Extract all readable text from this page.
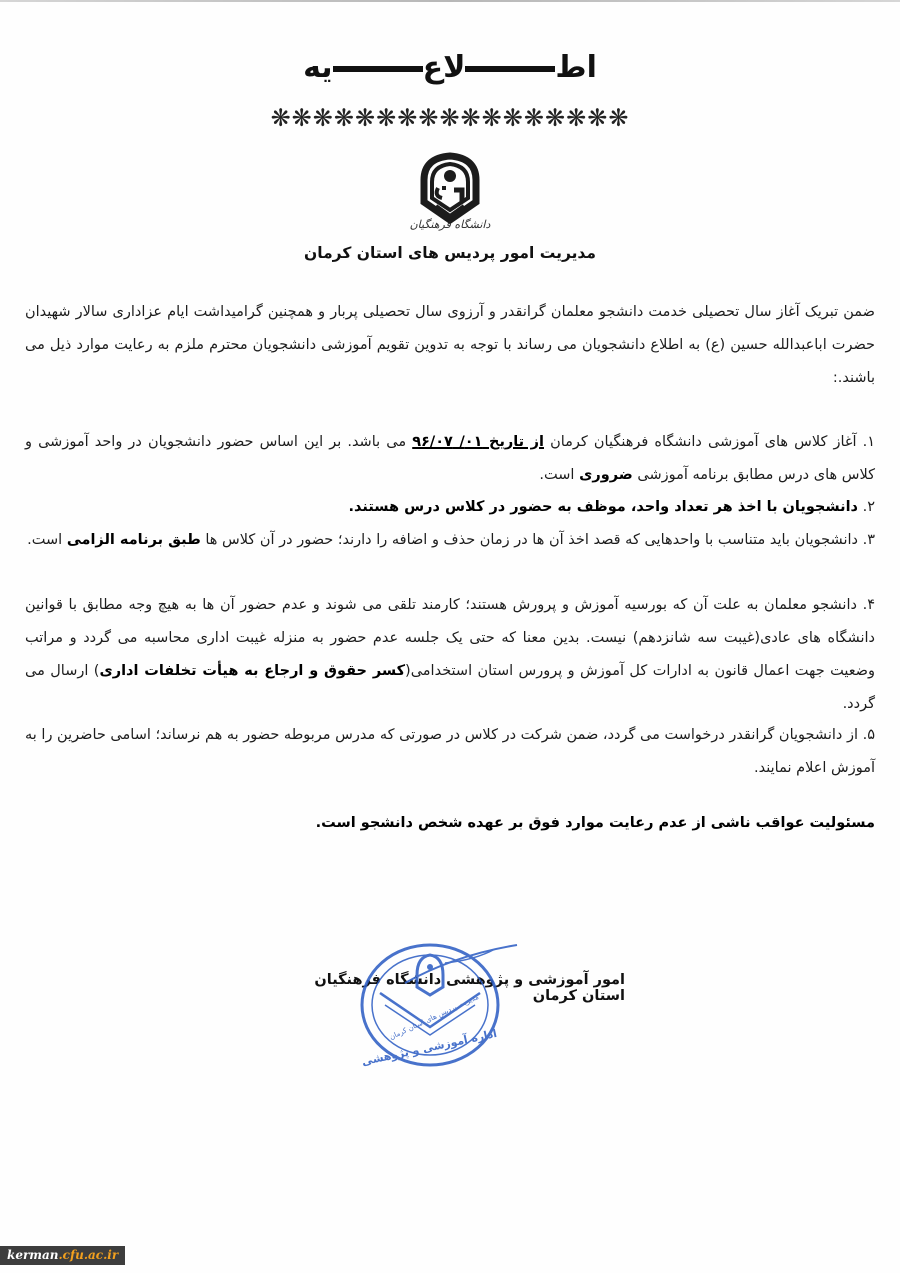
اطلاعیه
❋❋❋❋❋❋❋❋❋❋❋❋❋❋❋❋❋
دانشگاه فرهنگیان
مدیریت امور پردیس های استان کرمان
ضمن تبریک آغاز سال تحصیلی خدمت دانشجو معلمان گرانقدر و آرزوی سال تحصیلی پربار و همچنین گرامیداشت ایام عزاداری سالار شهیدان حضرت اباعبدالله حسین (ع) به اطلاع دانشجویان می رساند با توجه به تدوین تقویم آموزشی دانشجویان محترم ملزم به رعایت موارد ذیل می باشند.:
۱. آغاز کلاس های آموزشی دانشگاه فرهنگیان کرمان از تاریخ ۰۱/ ۹۶/۰۷ می باشد. بر این اساس حضور دانشجویان در واحد آموزشی و کلاس های درس مطابق برنامه آموزشی ضروری است.
۲. دانشجویان با اخذ هر تعداد واحد، موظف به حضور در کلاس درس هستند.
۳. دانشجویان باید متناسب با واحدهایی که قصد اخذ آن ها در زمان حذف و اضافه را دارند؛ حضور در آن کلاس ها طبق برنامه الزامی است.
۴. دانشجو معلمان به علت آن که بورسیه آموزش و پرورش هستند؛ کارمند تلقی می شوند و عدم حضور آن ها به هیچ وجه مطابق با قوانین دانشگاه های عادی(غیبت سه شانزدهم) نیست. بدین معنا که حتی یک جلسه عدم حضور به منزله غیبت اداری محاسبه می گردد و مراتب وضعیت جهت اعمال قانون به ادارات کل آموزش و پرورس استان استخدامی(کسر حقوق و ارجاع به هیأت تخلفات اداری) ارسال می گردد.
۵. از دانشجویان گرانقدر درخواست می گردد، ضمن شرکت در کلاس در صورتی که مدرس مربوطه حضور به هم نرساند؛ اسامی حاضرین را به آموزش اعلام نمایند.
مسئولیت عواقب ناشی از عدم رعایت موارد فوق بر عهده شخص دانشجو است.
امور آموزشی و پژوهشی دانشگاه فرهنگیان استان کرمان
اداره آموزشی و پژوهشی
مدیریت پردیس های استان کرمان
kerman.cfu.ac.ir
